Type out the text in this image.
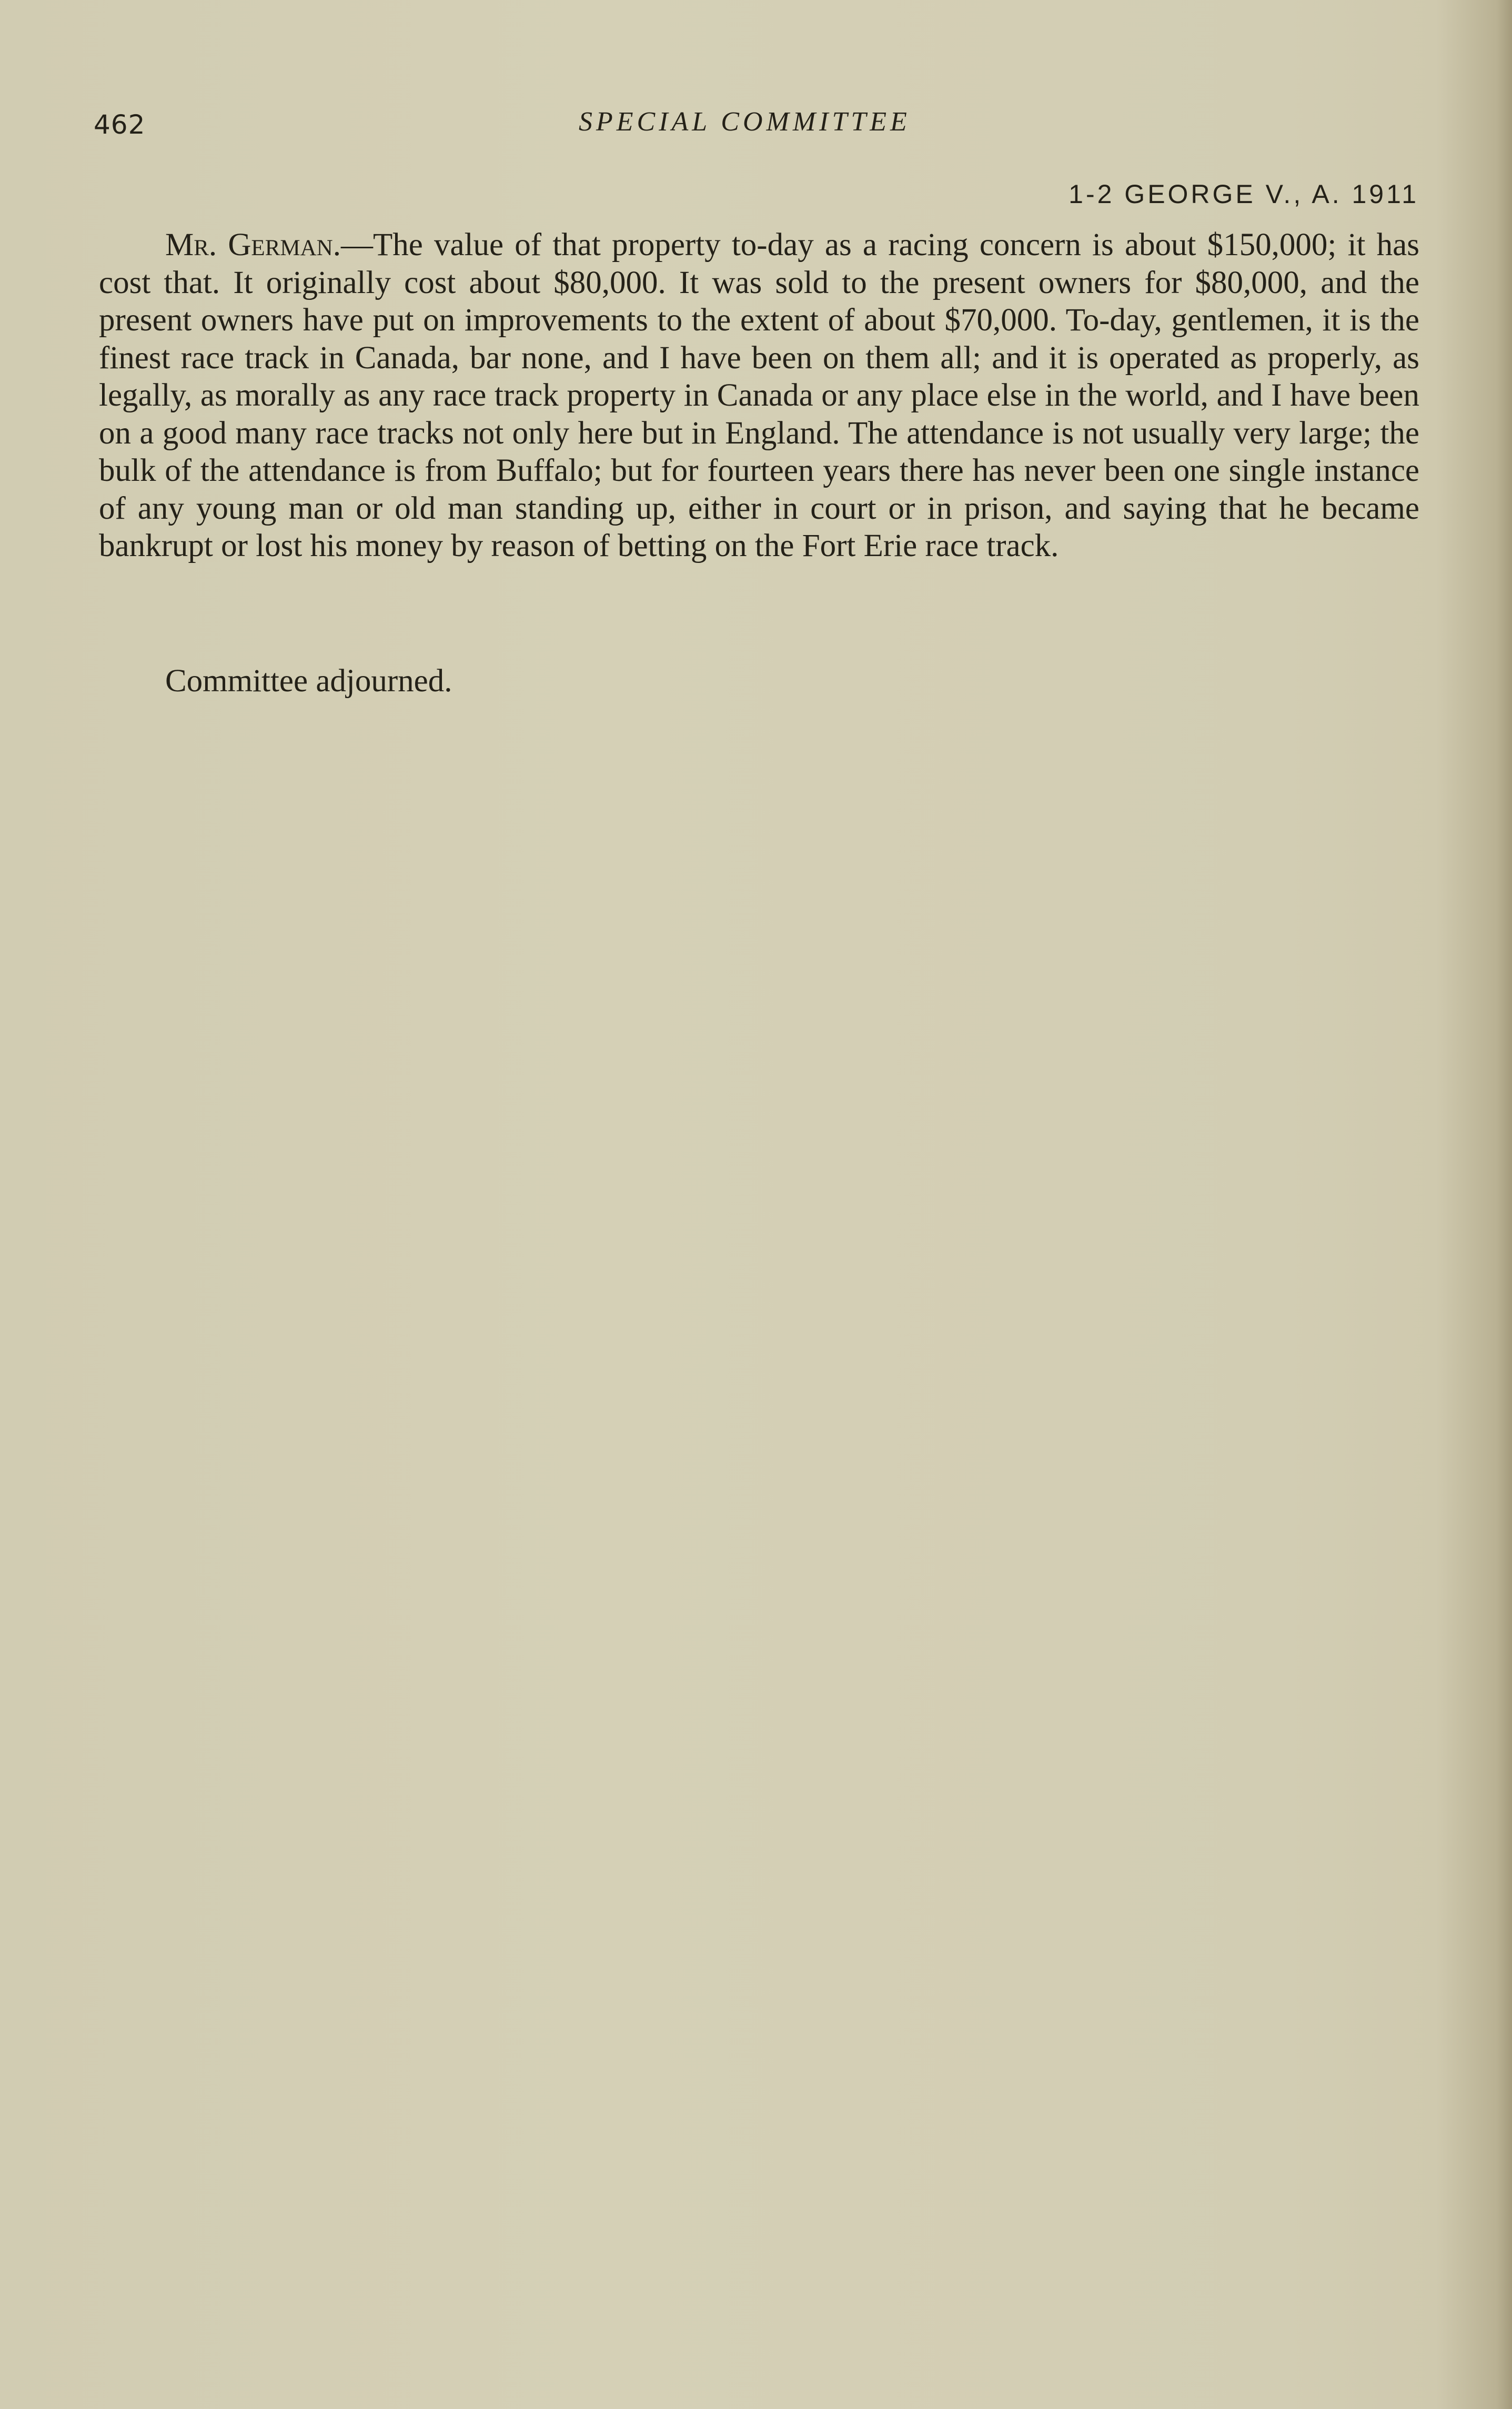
462	SPECIAL COMMITTEE
1-2 GEORGE V., A. 1911

Mr. German.—The value of that property to-day as a racing concern is about $150,000; it has cost that. It originally cost about $80,000. It was sold to the present owners for $80,000, and the present owners have put on improvements to the extent of about $70,000. To-day, gentlemen, it is the finest race track in Canada, bar none, and I have been on them all; and it is operated as properly, as legally, as morally as any race track property in Canada or any place else in the world, and I have been on a good many race tracks not only here but in England. The attendance is not usually very large; the bulk of the attendance is from Buffalo; but for fourteen years there has never been one single instance of any young man or old man standing up, either in court or in prison, and saying that he became bankrupt or lost his money by reason of betting on the Fort Erie race track.

Committee adjourned.
